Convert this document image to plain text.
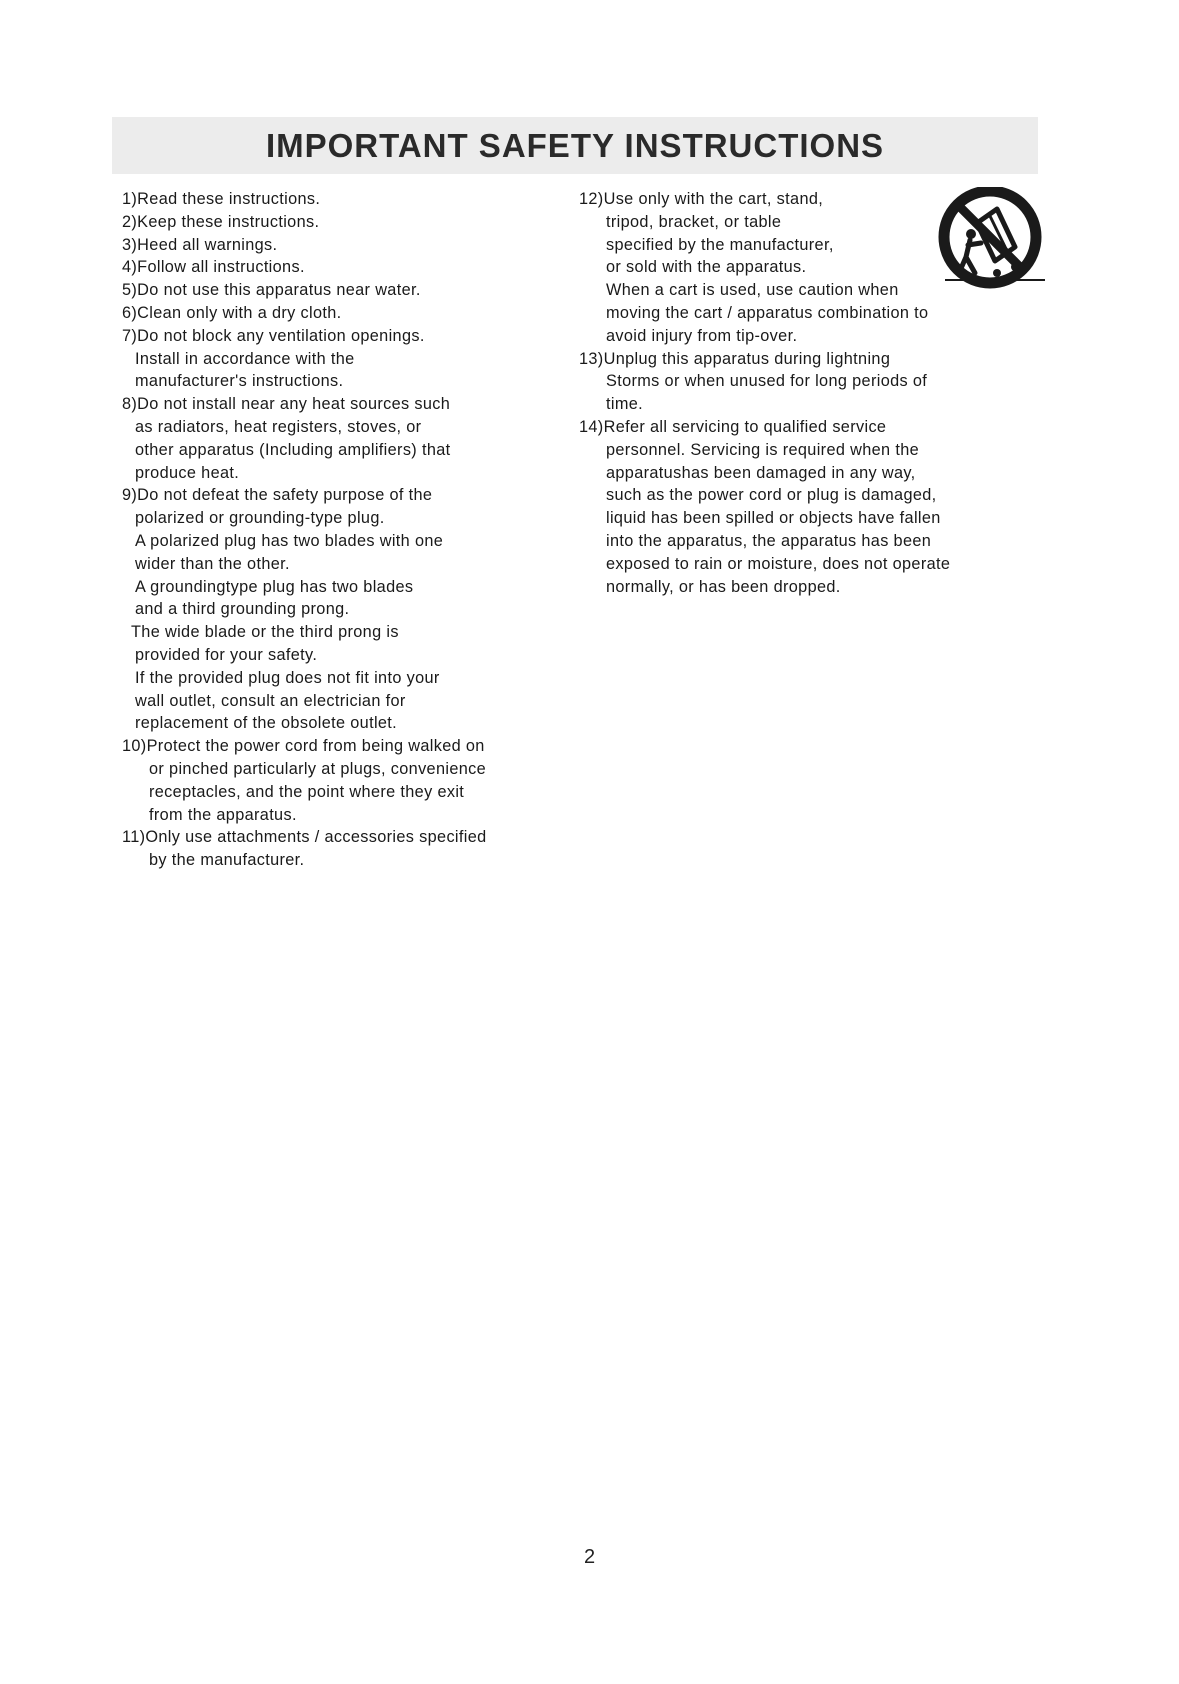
IMPORTANT SAFETY INSTRUCTIONS
1)Read these instructions.
2)Keep these instructions.
3)Heed all warnings.
4)Follow all instructions.
5)Do not use this apparatus near water.
6)Clean only with a dry cloth.
7)Do not block any ventilation openings.
Install in accordance with the
manufacturer's instructions.
8)Do not install near any heat sources such
as radiators, heat registers, stoves, or
other apparatus (Including amplifiers) that
produce heat.
9)Do not defeat the safety purpose of the
polarized or grounding-type plug.
A polarized plug has two blades with one
wider than the other.
A groundingtype plug has two blades
and a third grounding prong.
The wide blade or the third prong is
provided for your safety.
If the provided plug does not fit into your
wall outlet, consult an electrician for
replacement of the obsolete outlet.
10)Protect the power cord from being walked on
or pinched particularly at plugs, convenience
receptacles, and the point where they exit
from the apparatus.
11)Only use attachments / accessories specified
by the manufacturer.
12)Use only with the cart, stand,
tripod, bracket, or table
specified by the manufacturer,
or sold with the apparatus.
When a cart is used, use caution when
moving the cart / apparatus combination to
avoid injury from tip-over.
13)Unplug this apparatus during lightning
Storms or when unused for long periods of
time.
14)Refer all servicing to qualified service
personnel. Servicing is required when the
apparatushas been damaged in any way,
such as the power cord or plug is damaged,
liquid has been spilled or objects have fallen
into the apparatus, the apparatus has been
exposed to rain or moisture, does not operate
normally, or has been dropped.
2
